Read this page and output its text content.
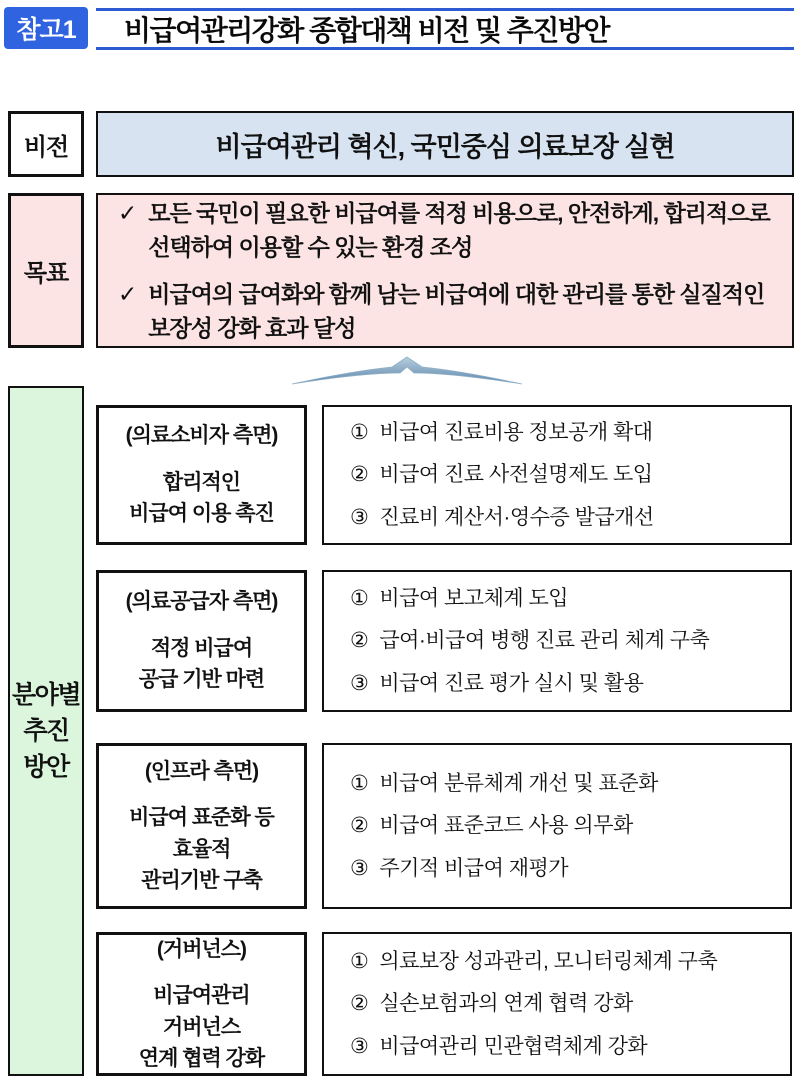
참고1	비급여관리강화 종합대책 비전 및 추진방안
비전	비급여관리 혁신, 국민중심 의료보장 실현
목표
✓ 모든 국민이 필요한 비급여를 적정 비용으로, 안전하게, 합리적으로 선택하여 이용할 수 있는 환경 조성
✓ 비급여의 급여화와 함께 남는 비급여에 대한 관리를 통한 실질적인 보장성 강화 효과 달성
분야별
추진
방안
(의료소비자 측면)
합리적인
비급여 이용 촉진
① 비급여 진료비용 정보공개 확대
② 비급여 진료 사전설명제도 도입
③ 진료비 계산서·영수증 발급개선
(의료공급자 측면)
적정 비급여
공급 기반 마련
① 비급여 보고체계 도입
② 급여·비급여 병행 진료 관리 체계 구축
③ 비급여 진료 평가 실시 및 활용
(인프라 측면)
비급여 표준화 등
효율적
관리기반 구축
① 비급여 분류체계 개선 및 표준화
② 비급여 표준코드 사용 의무화
③ 주기적 비급여 재평가
(거버넌스)
비급여관리
거버넌스
연계 협력 강화
① 의료보장 성과관리, 모니터링체계 구축
② 실손보험과의 연계 협력 강화
③ 비급여관리 민관협력체계 강화
